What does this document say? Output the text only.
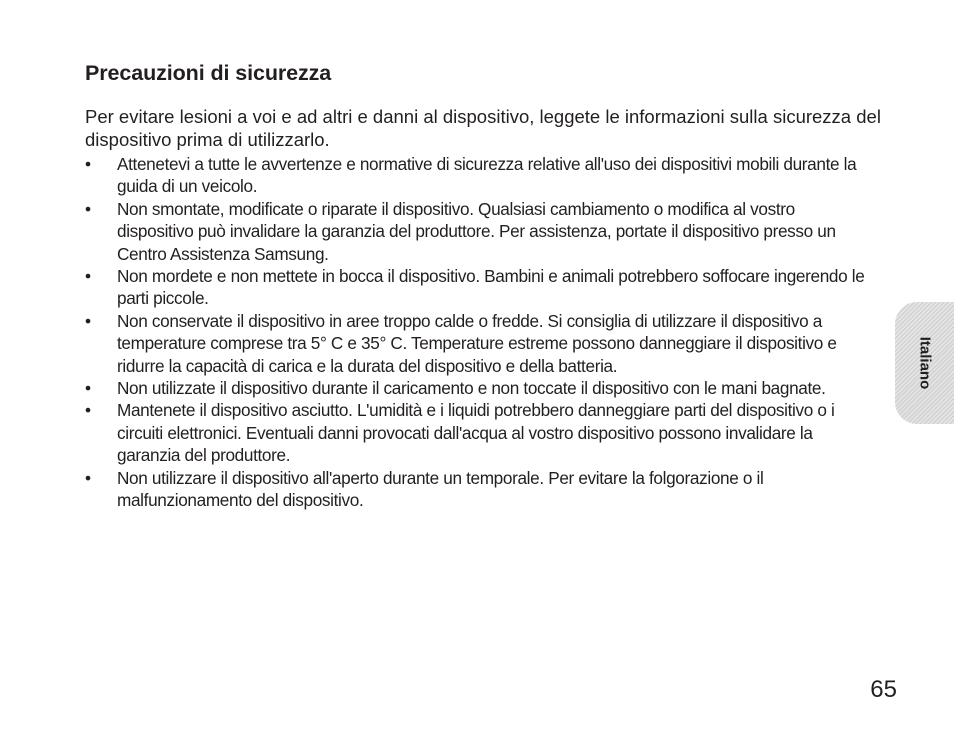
Precauzioni di sicurezza

Per evitare lesioni a voi e ad altri e danni al dispositivo, leggete le informazioni sulla sicurezza del dispositivo prima di utilizzarlo.

• Attenetevi a tutte le avvertenze e normative di sicurezza relative all'uso dei dispositivi mobili durante la guida di un veicolo.
• Non smontate, modificate o riparate il dispositivo. Qualsiasi cambiamento o modifica al vostro dispositivo può invalidare la garanzia del produttore. Per assistenza, portate il dispositivo presso un Centro Assistenza Samsung.
• Non mordete e non mettete in bocca il dispositivo. Bambini e animali potrebbero soffocare ingerendo le parti piccole.
• Non conservate il dispositivo in aree troppo calde o fredde. Si consiglia di utilizzare il dispositivo a temperature comprese tra 5° C e 35° C. Temperature estreme possono danneggiare il dispositivo e ridurre la capacità di carica e la durata del dispositivo e della batteria.
• Non utilizzate il dispositivo durante il caricamento e non toccate il dispositivo con le mani bagnate.
• Mantenete il dispositivo asciutto. L'umidità e i liquidi potrebbero danneggiare parti del dispositivo o i circuiti elettronici. Eventuali danni provocati dall'acqua al vostro dispositivo possono invalidare la garanzia del produttore.
• Non utilizzare il dispositivo all'aperto durante un temporale. Per evitare la folgorazione o il malfunzionamento del dispositivo.
Italiano
65
